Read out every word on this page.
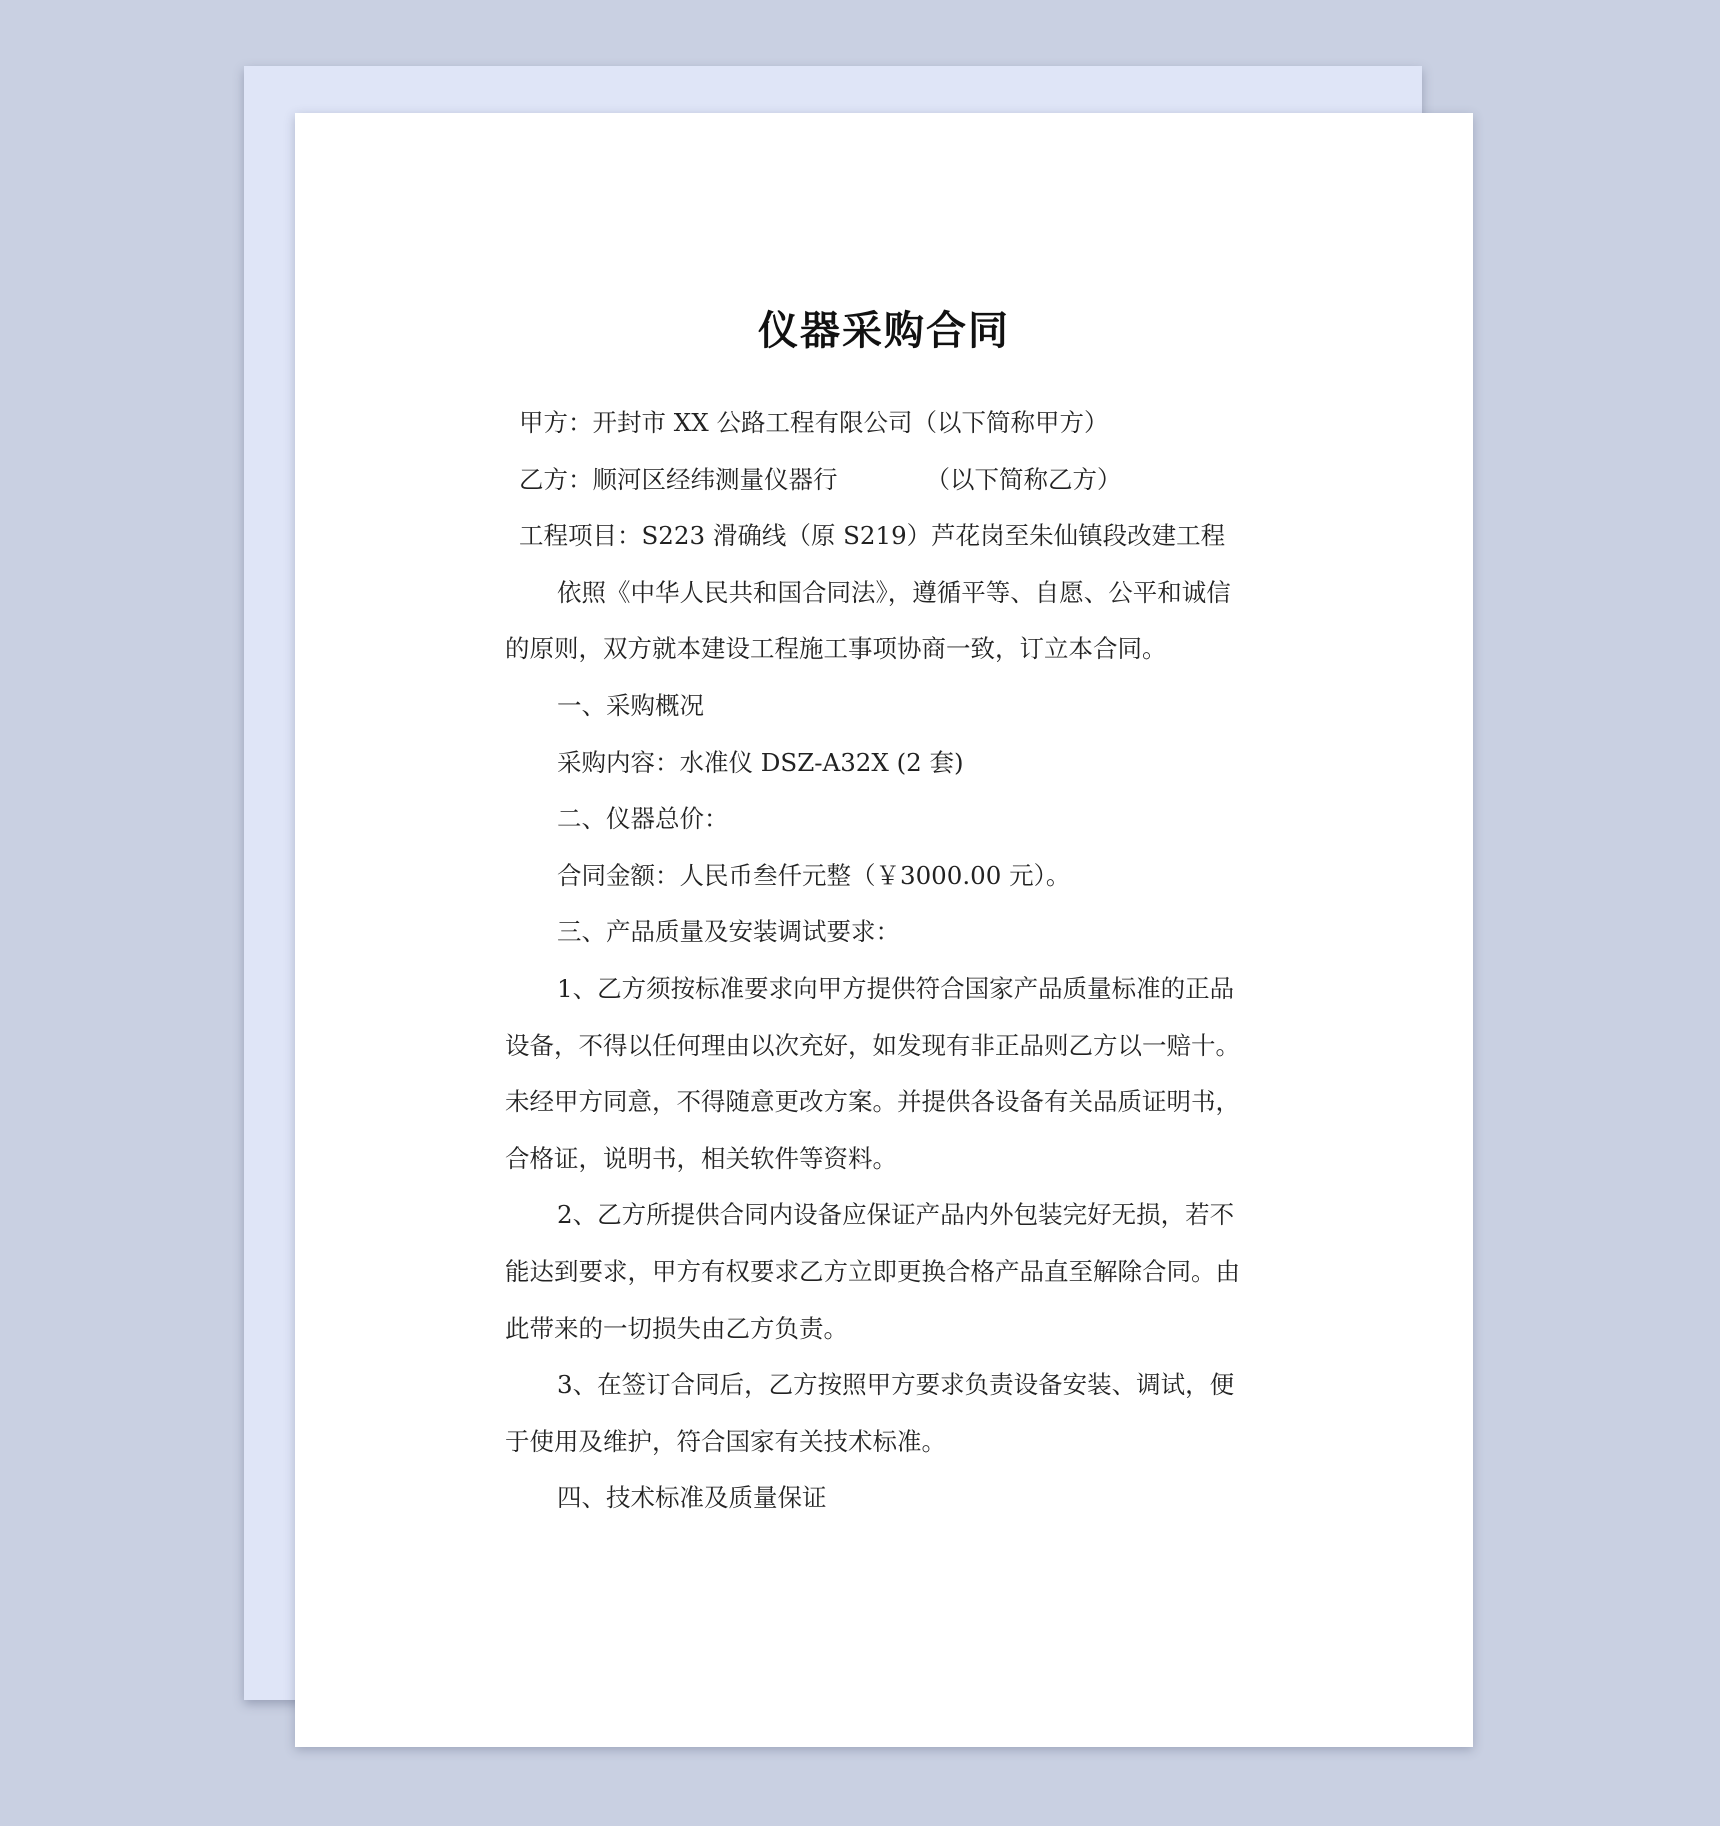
仪器采购合同
甲方：开封市 XX 公路工程有限公司（以下简称甲方）
乙方：顺河区经纬测量仪器行	（以下简称乙方）
工程项目：S223 滑确线（原 S219）芦花岗至朱仙镇段改建工程
依照《中华人民共和国合同法》，遵循平等、自愿、公平和诚信
的原则，双方就本建设工程施工事项协商一致，订立本合同。
一、采购概况
采购内容：水准仪 DSZ-A32X (2 套)
二、仪器总价：
合同金额：人民币叁仟元整（￥3000.00 元）。
三、产品质量及安装调试要求：
1、乙方须按标准要求向甲方提供符合国家产品质量标准的正品
设备，不得以任何理由以次充好，如发现有非正品则乙方以一赔十。
未经甲方同意，不得随意更改方案。并提供各设备有关品质证明书，
合格证，说明书，相关软件等资料。
2、乙方所提供合同内设备应保证产品内外包装完好无损，若不
能达到要求，甲方有权要求乙方立即更换合格产品直至解除合同。由
此带来的一切损失由乙方负责。
3、在签订合同后，乙方按照甲方要求负责设备安装、调试，便
于使用及维护，符合国家有关技术标准。
四、技术标准及质量保证
